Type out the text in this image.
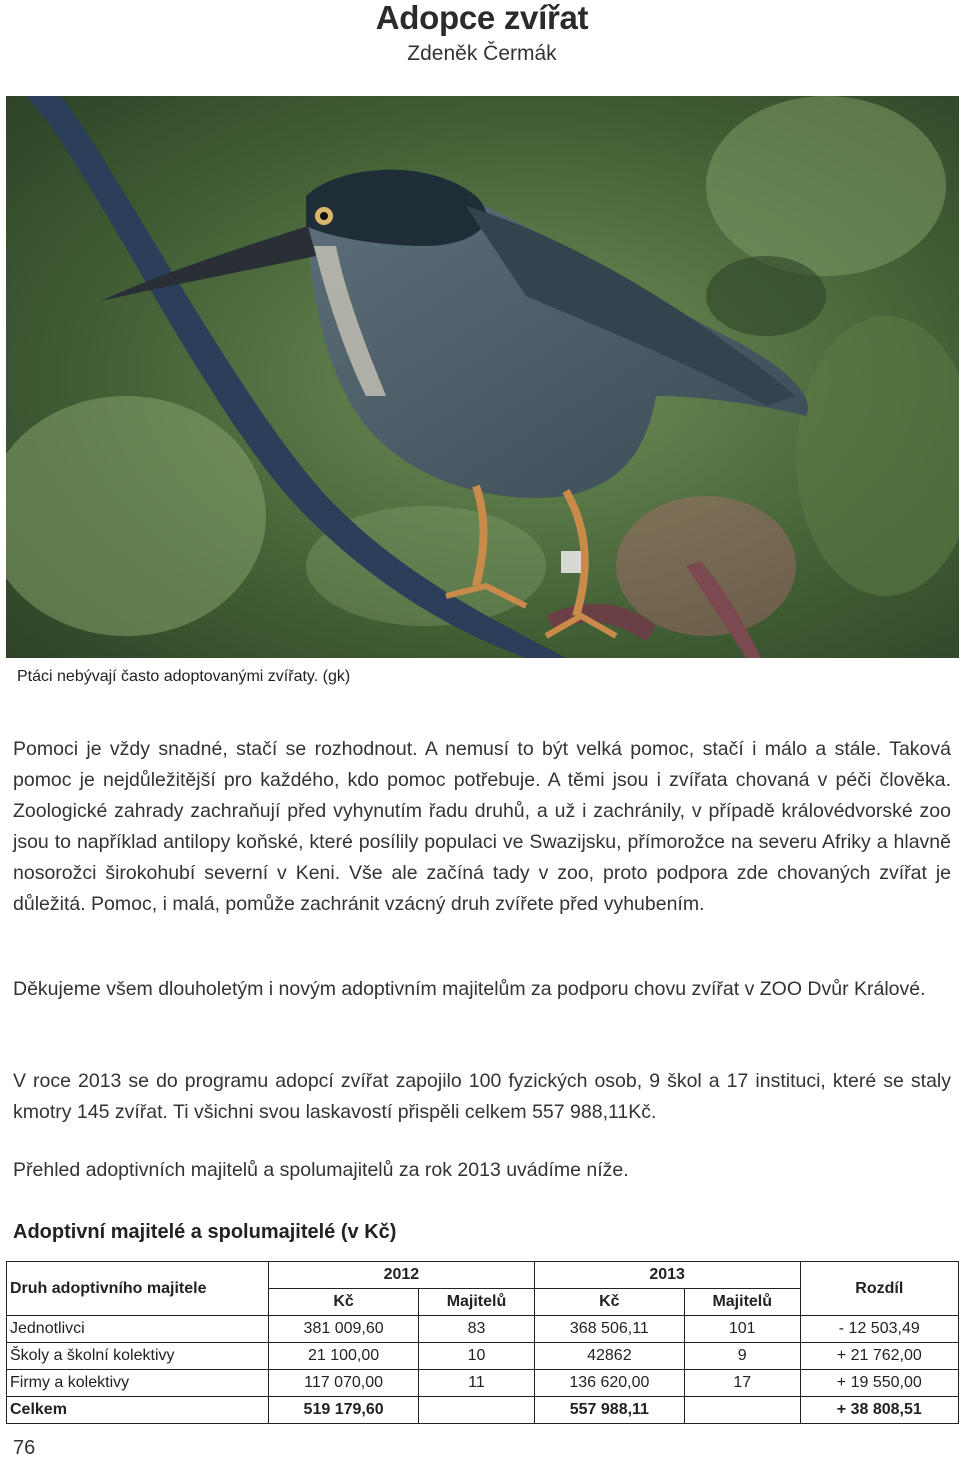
Adopce zvířat
Zdeněk Čermák
Ptáci nebývají často adoptovanými zvířaty. (gk)
Pomoci je vždy snadné, stačí se rozhodnout. A nemusí to být velká pomoc, stačí i málo a stále. Taková pomoc je nejdůležitější pro každého, kdo pomoc potřebuje. A těmi jsou i zvířata chovaná v péči člověka. Zoologické zahrady zachraňují před vyhynutím řadu druhů, a už i zachránily, v případě královédvorské zoo jsou to například antilopy koňské, které posílily populaci ve Swazijsku, přímorožce na severu Afriky a hlavně nosorožci širokohubí severní v Keni. Vše ale začíná tady v zoo, proto podpora zde chovaných zvířat je důležitá. Pomoc, i malá, pomůže zachránit vzácný druh zvířete před vyhubením.
Děkujeme všem dlouholetým i novým adoptivním majitelům za podporu chovu zvířat v ZOO Dvůr Králové.
V roce 2013 se do programu adopcí zvířat zapojilo 100 fyzických osob, 9 škol a 17 instituci, které se staly kmotry 145 zvířat. Ti všichni svou laskavostí přispěli celkem 557 988,11Kč.
Přehled adoptivních majitelů a spolumajitelů za rok 2013 uvádíme níže.
Adoptivní majitelé a spolumajitelé (v Kč)
Druh adoptivního majitele	2012		2013		Rozdíl
	Kč	Majitelů	Kč	Majitelů	
Jednotlivci	381 009,60	83	368 506,11	101	- 12 503,49
Školy a školní kolektivy	21 100,00	10	42862	9	+ 21 762,00
Firmy a kolektivy	117 070,00	11	136 620,00	17	+ 19 550,00
Celkem	519 179,60		557 988,11		+ 38 808,51
76
